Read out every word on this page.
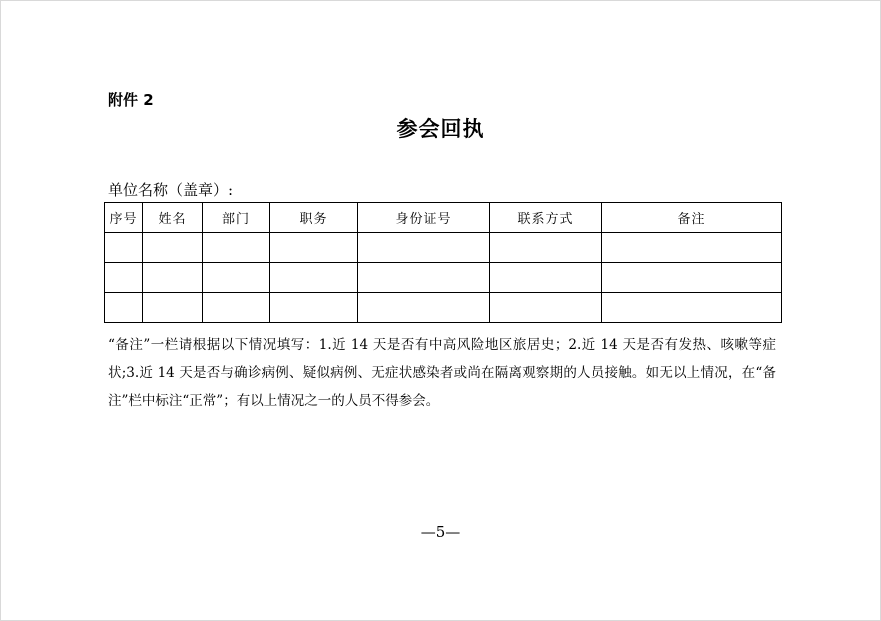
附件 2
参会回执
单位名称（盖章）:
序号	姓名	部门	职务	身份证号	联系方式	备注

“备注”一栏请根据以下情况填写：1.近 14 天是否有中高风险地区旅居史；2.近 14 天是否有发热、咳嗽等症状;3.近 14 天是否与确诊病例、疑似病例、无症状感染者或尚在隔离观察期的人员接触。如无以上情况，在“备注”栏中标注“正常”；有以上情况之一的人员不得参会。
—5—
